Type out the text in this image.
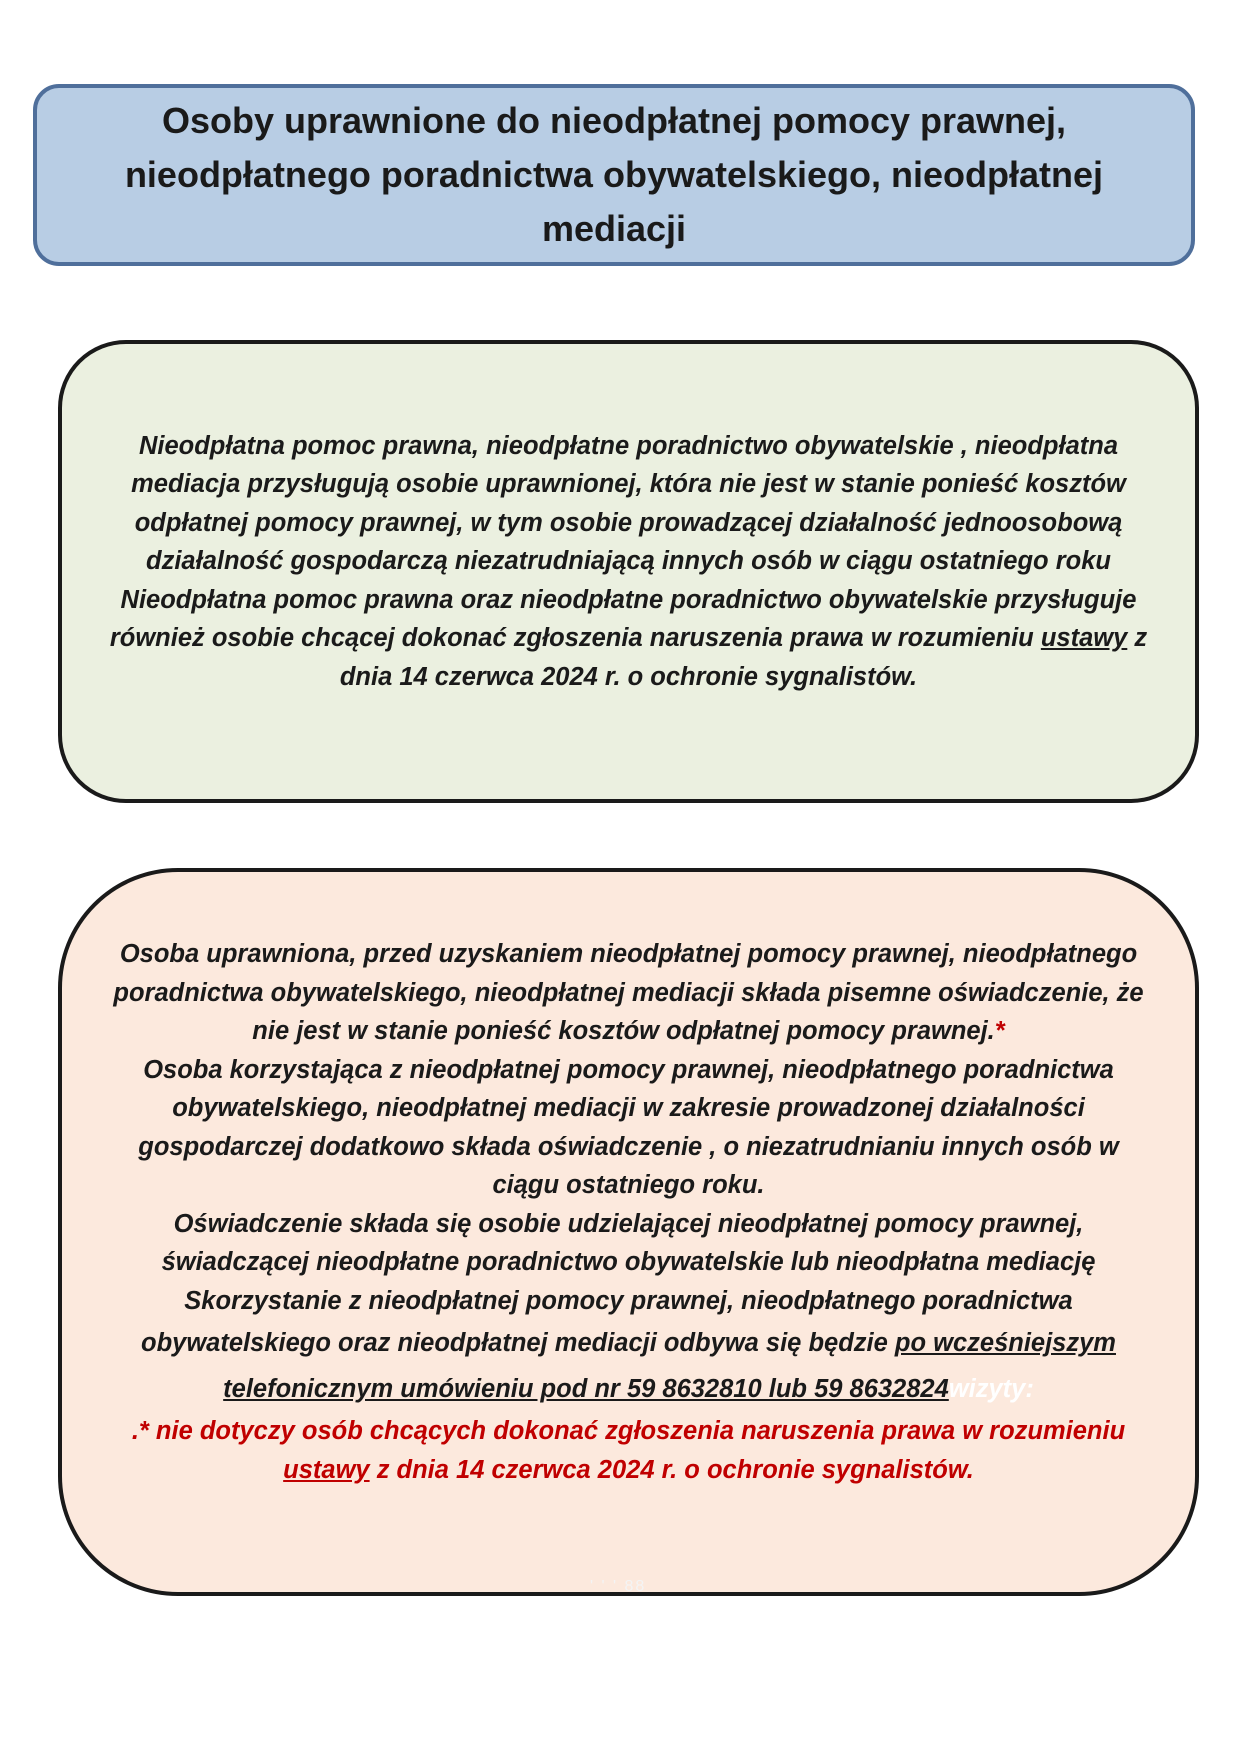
Osoby uprawnione do nieodpłatnej pomocy prawnej,
nieodpłatnego poradnictwa obywatelskiego, nieodpłatnej
mediacji

Nieodpłatna pomoc prawna, nieodpłatne poradnictwo obywatelskie , nieodpłatna mediacja przysługują osobie uprawnionej, która nie jest w stanie ponieść kosztów odpłatnej pomocy prawnej, w tym osobie prowadzącej działalność jednoosobową działalność gospodarczą niezatrudniającą innych osób w ciągu ostatniego roku

Nieodpłatna pomoc prawna oraz nieodpłatne poradnictwo obywatelskie przysługuje również osobie chcącej dokonać zgłoszenia naruszenia prawa w rozumieniu ustawy z dnia 14 czerwca 2024 r. o ochronie sygnalistów.

Osoba uprawniona, przed uzyskaniem nieodpłatnej pomocy prawnej, nieodpłatnego poradnictwa obywatelskiego, nieodpłatnej mediacji składa pisemne oświadczenie, że nie jest w stanie ponieść kosztów odpłatnej pomocy prawnej.*

Osoba korzystająca z nieodpłatnej pomocy prawnej, nieodpłatnego poradnictwa obywatelskiego, nieodpłatnej mediacji w zakresie prowadzonej działalności gospodarczej dodatkowo składa oświadczenie , o niezatrudnianiu innych osób w ciągu ostatniego roku.

Oświadczenie składa się osobie udzielającej nieodpłatnej pomocy prawnej, świadczącej nieodpłatne poradnictwo obywatelskie lub nieodpłatna mediację

Skorzystanie z nieodpłatnej pomocy prawnej, nieodpłatnego poradnictwa obywatelskiego oraz nieodpłatnej mediacji odbywa się będzie po wcześniejszym telefonicznym umówieniu pod nr 59 8632810 lub 59 8632824wizyty:

.* nie dotyczy osób chcących dokonać zgłoszenia naruszenia prawa w rozumieniu ustawy z dnia 14 czerwca 2024 r. o ochronie sygnalistów.

' ' ' 88
